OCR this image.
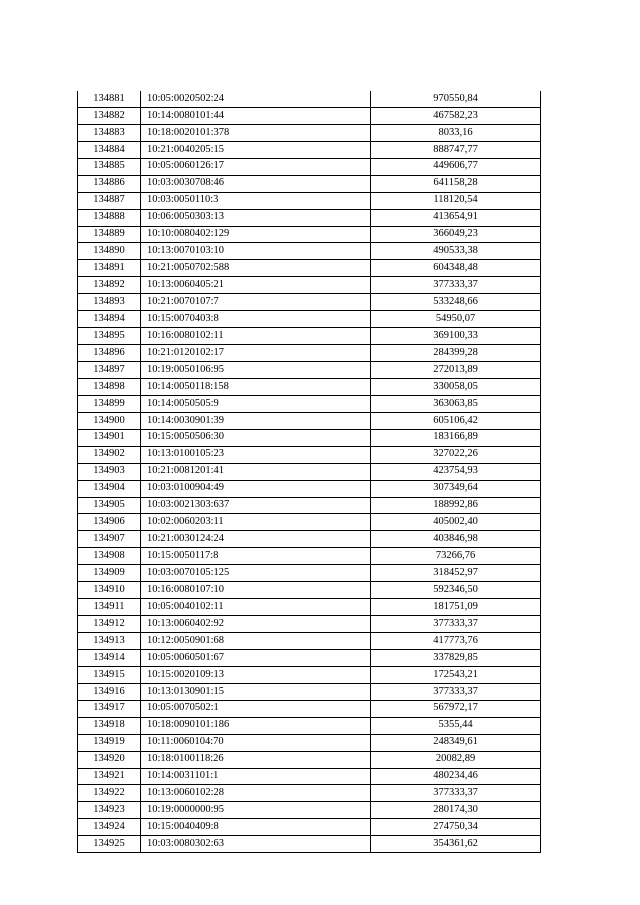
134881	10:05:0020502:24	970550,84
134882	10:14:0080101:44	467582,23
134883	10:18:0020101:378	8033,16
134884	10:21:0040205:15	888747,77
134885	10:05:0060126:17	449606,77
134886	10:03:0030708:46	641158,28
134887	10:03:0050110:3	118120,54
134888	10:06:0050303:13	413654,91
134889	10:10:0080402:129	366049,23
134890	10:13:0070103:10	490533,38
134891	10:21:0050702:588	604348,48
134892	10:13:0060405:21	377333,37
134893	10:21:0070107:7	533248,66
134894	10:15:0070403:8	54950,07
134895	10:16:0080102:11	369100,33
134896	10:21:0120102:17	284399,28
134897	10:19:0050106:95	272013,89
134898	10:14:0050118:158	330058,05
134899	10:14:0050505:9	363063,85
134900	10:14:0030901:39	605106,42
134901	10:15:0050506:30	183166,89
134902	10:13:0100105:23	327022,26
134903	10:21:0081201:41	423754,93
134904	10:03:0100904:49	307349,64
134905	10:03:0021303:637	188992,86
134906	10:02:0060203:11	405002,40
134907	10:21:0030124:24	403846,98
134908	10:15:0050117:8	73266,76
134909	10:03:0070105:125	318452,97
134910	10:16:0080107:10	592346,50
134911	10:05:0040102:11	181751,09
134912	10:13:0060402:92	377333,37
134913	10:12:0050901:68	417773,76
134914	10:05:0060501:67	337829,85
134915	10:15:0020109:13	172543,21
134916	10:13:0130901:15	377333,37
134917	10:05:0070502:1	567972,17
134918	10:18:0090101:186	5355,44
134919	10:11:0060104:70	248349,61
134920	10:18:0100118:26	20082,89
134921	10:14:0031101:1	480234,46
134922	10:13:0060102:28	377333,37
134923	10:19:0000000:95	280174,30
134924	10:15:0040409:8	274750,34
134925	10:03:0080302:63	354361,62
